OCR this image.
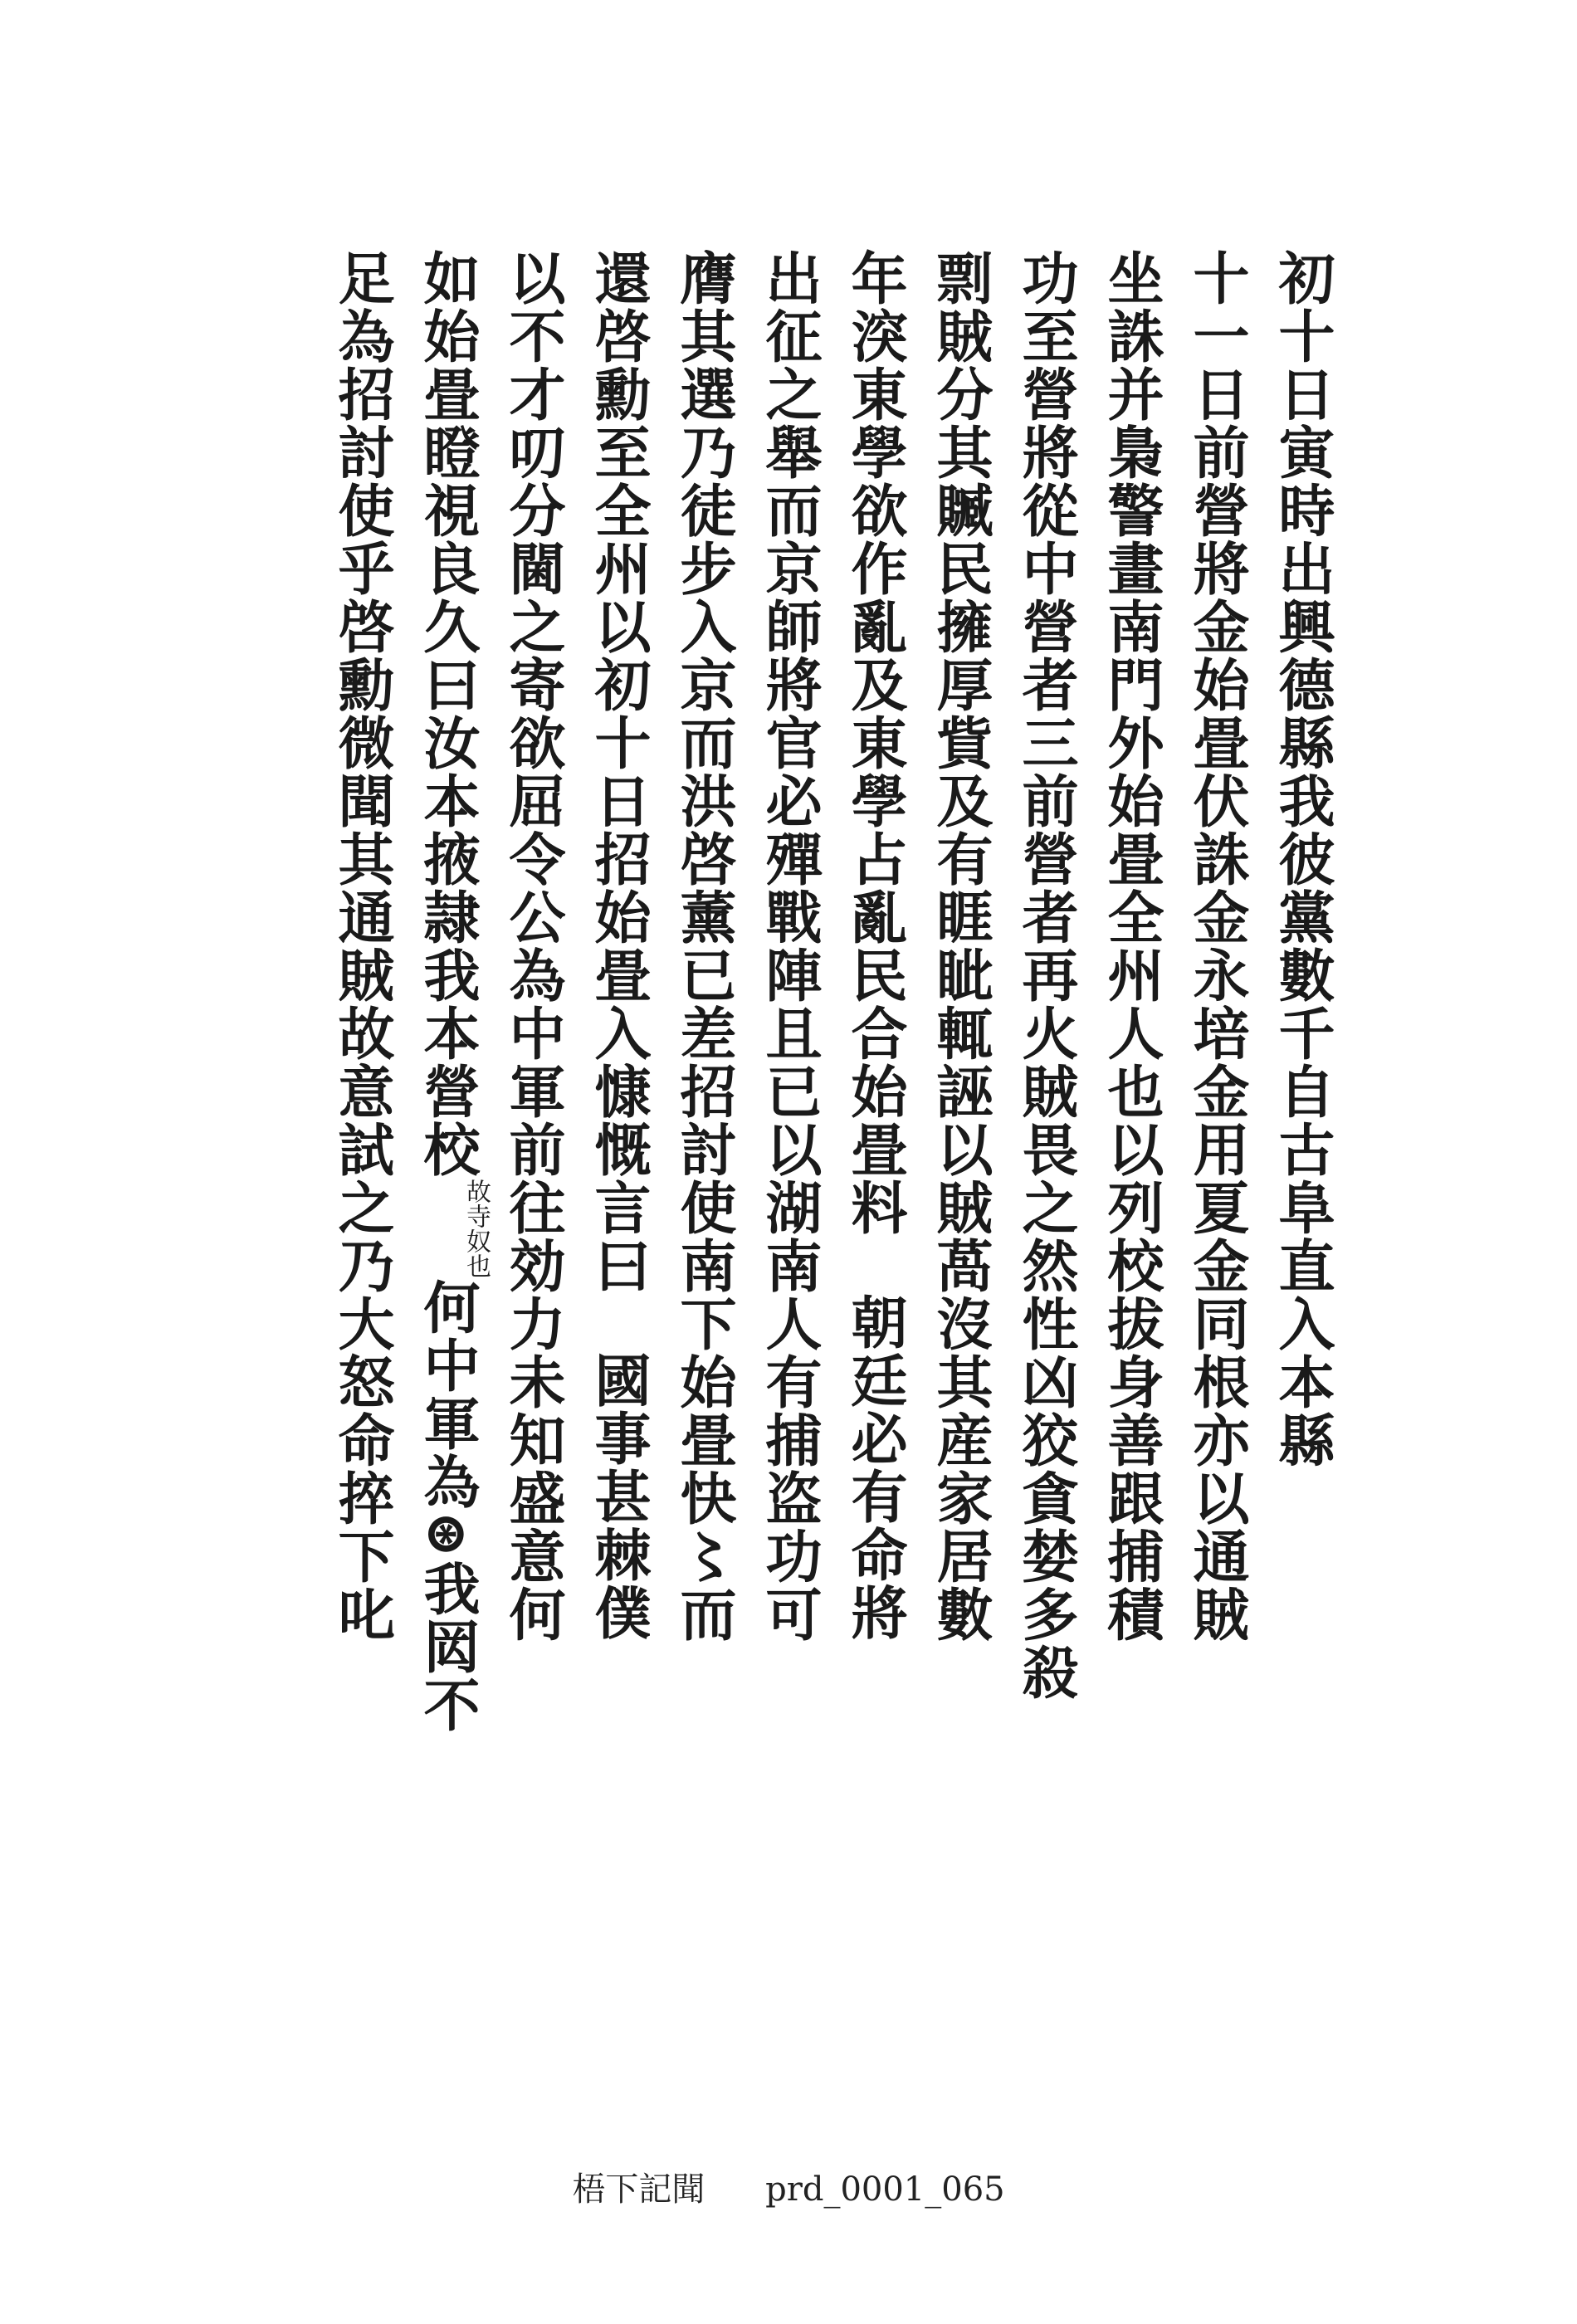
初十日寅時出興德縣我彼黨數千自古阜直入本縣
十一日前營將金始畳伏誅金永培金用夏金同根亦以通賊
坐誅并梟警畫南門外始畳全州人也以列校拔身善跟捕積
功至營將從中營者三前營者再火賊畏之然性凶狡貪婪多殺
剽賊分其贓民擁厚貲及有睚眦輒誣以賊萵沒其産家居數
年湥東學欲作亂及東學占亂民合始畳料朝廷必有命將
出征之舉而京師將官必殫戰陣且已以湖南人有捕盗功可
膺其選乃徒步入京而洪啓薰已差招討使南下始畳快〻而
還啓勳至全州以初十日招始畳入慷慨言曰國事甚棘僕
以不才叨分閫之寄欲屈令公為中軍前往効力未知盛意何
如始畳瞪視良久曰汝本掖隷我本營校故寺奴也何中軍為⊛我㒺不
足為招討使乎啓勳微聞其通賊故意試之乃大怒命捽下叱
梧下記聞 prd_0001_065
